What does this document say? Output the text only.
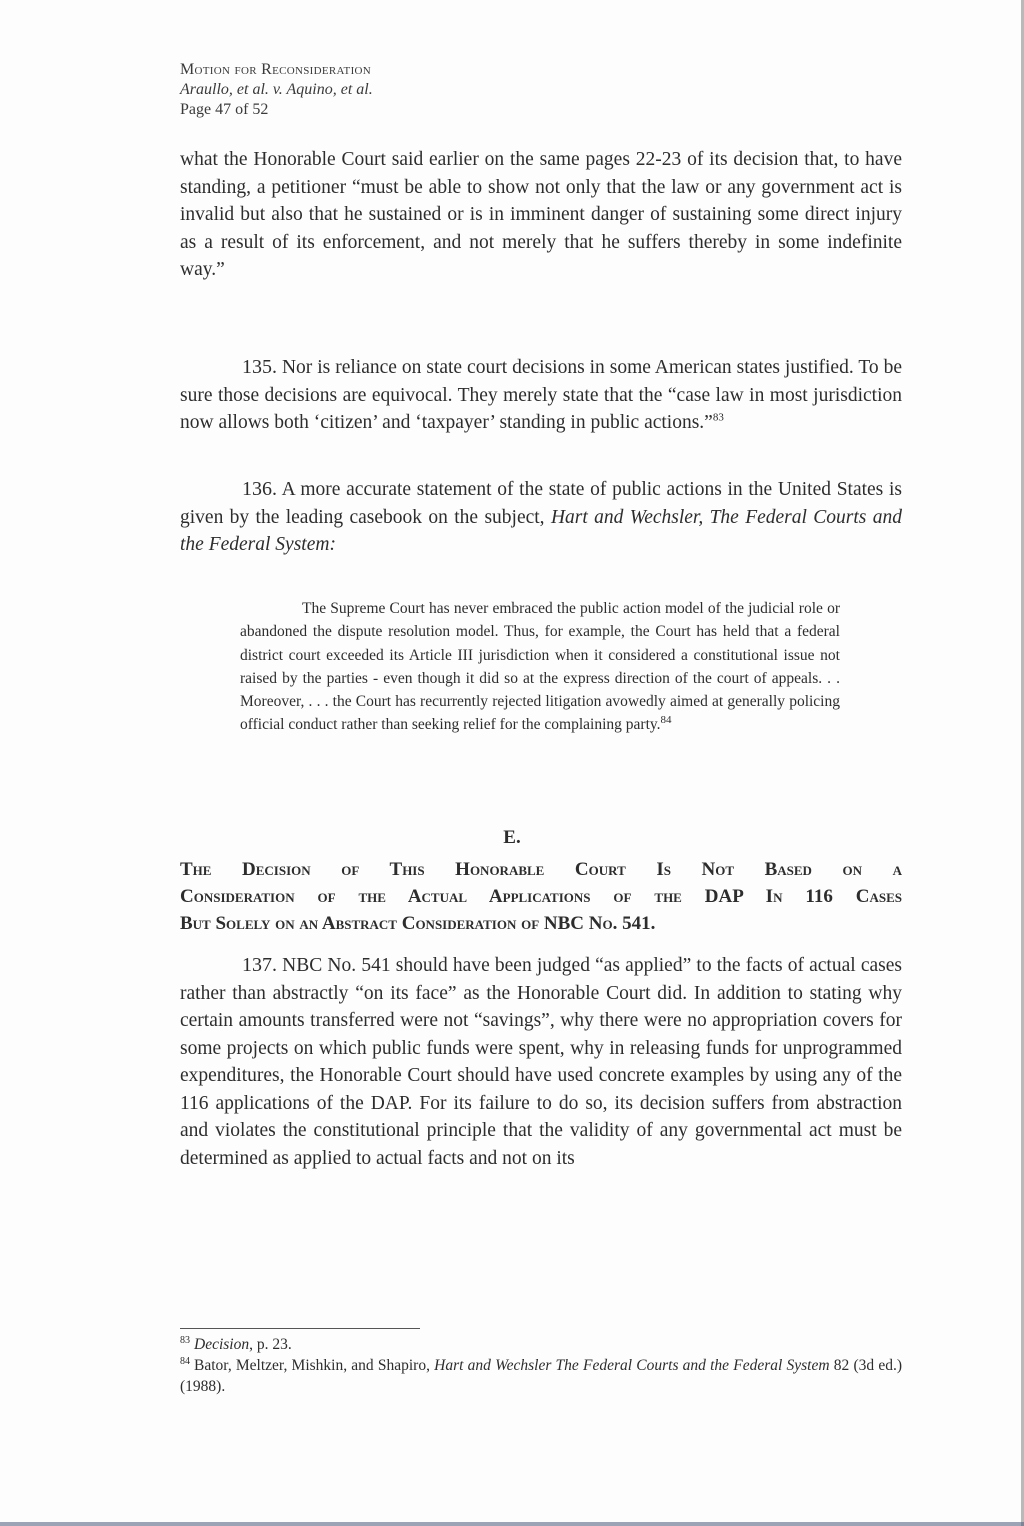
Motion for Reconsideration
Araullo, et al. v. Aquino, et al.
Page 47 of 52
what the Honorable Court said earlier on the same pages 22-23 of its decision that, to have standing, a petitioner “must be able to show not only that the law or any government act is invalid but also that he sustained or is in imminent danger of sustaining some direct injury as a result of its enforcement, and not merely that he suffers thereby in some indefinite way.”
135. Nor is reliance on state court decisions in some American states justified. To be sure those decisions are equivocal. They merely state that the “case law in most jurisdiction now allows both ‘citizen’ and ‘taxpayer’ standing in public actions.”$^{83}$
136. A more accurate statement of the state of public actions in the United States is given by the leading casebook on the subject, Hart and Wechsler, The Federal Courts and the Federal System:
The Supreme Court has never embraced the public action model of the judicial role or abandoned the dispute resolution model. Thus, for example, the Court has held that a federal district court exceeded its Article III jurisdiction when it considered a constitutional issue not raised by the parties - even though it did so at the express direction of the court of appeals. . . Moreover, . . . the Court has recurrently rejected litigation avowedly aimed at generally policing official conduct rather than seeking relief for the complaining party.$^{84}$
E.
The Decision of This Honorable Court Is Not Based on a
Consideration of the Actual Applications of the DAP In 116 Cases
But Solely on an Abstract Consideration of NBC No. 541.
137. NBC No. 541 should have been judged “as applied” to the facts of actual cases rather than abstractly “on its face” as the Honorable Court did. In addition to stating why certain amounts transferred were not “savings”, why there were no appropriation covers for some projects on which public funds were spent, why in releasing funds for unprogrammed expenditures, the Honorable Court should have used concrete examples by using any of the 116 applications of the DAP. For its failure to do so, its decision suffers from abstraction and violates the constitutional principle that the validity of any governmental act must be determined as applied to actual facts and not on its
$^{83}$ Decision, p. 23.
$^{84}$ Bator, Meltzer, Mishkin, and Shapiro, Hart and Wechsler The Federal Courts and the Federal System 82 (3d ed.) (1988).
